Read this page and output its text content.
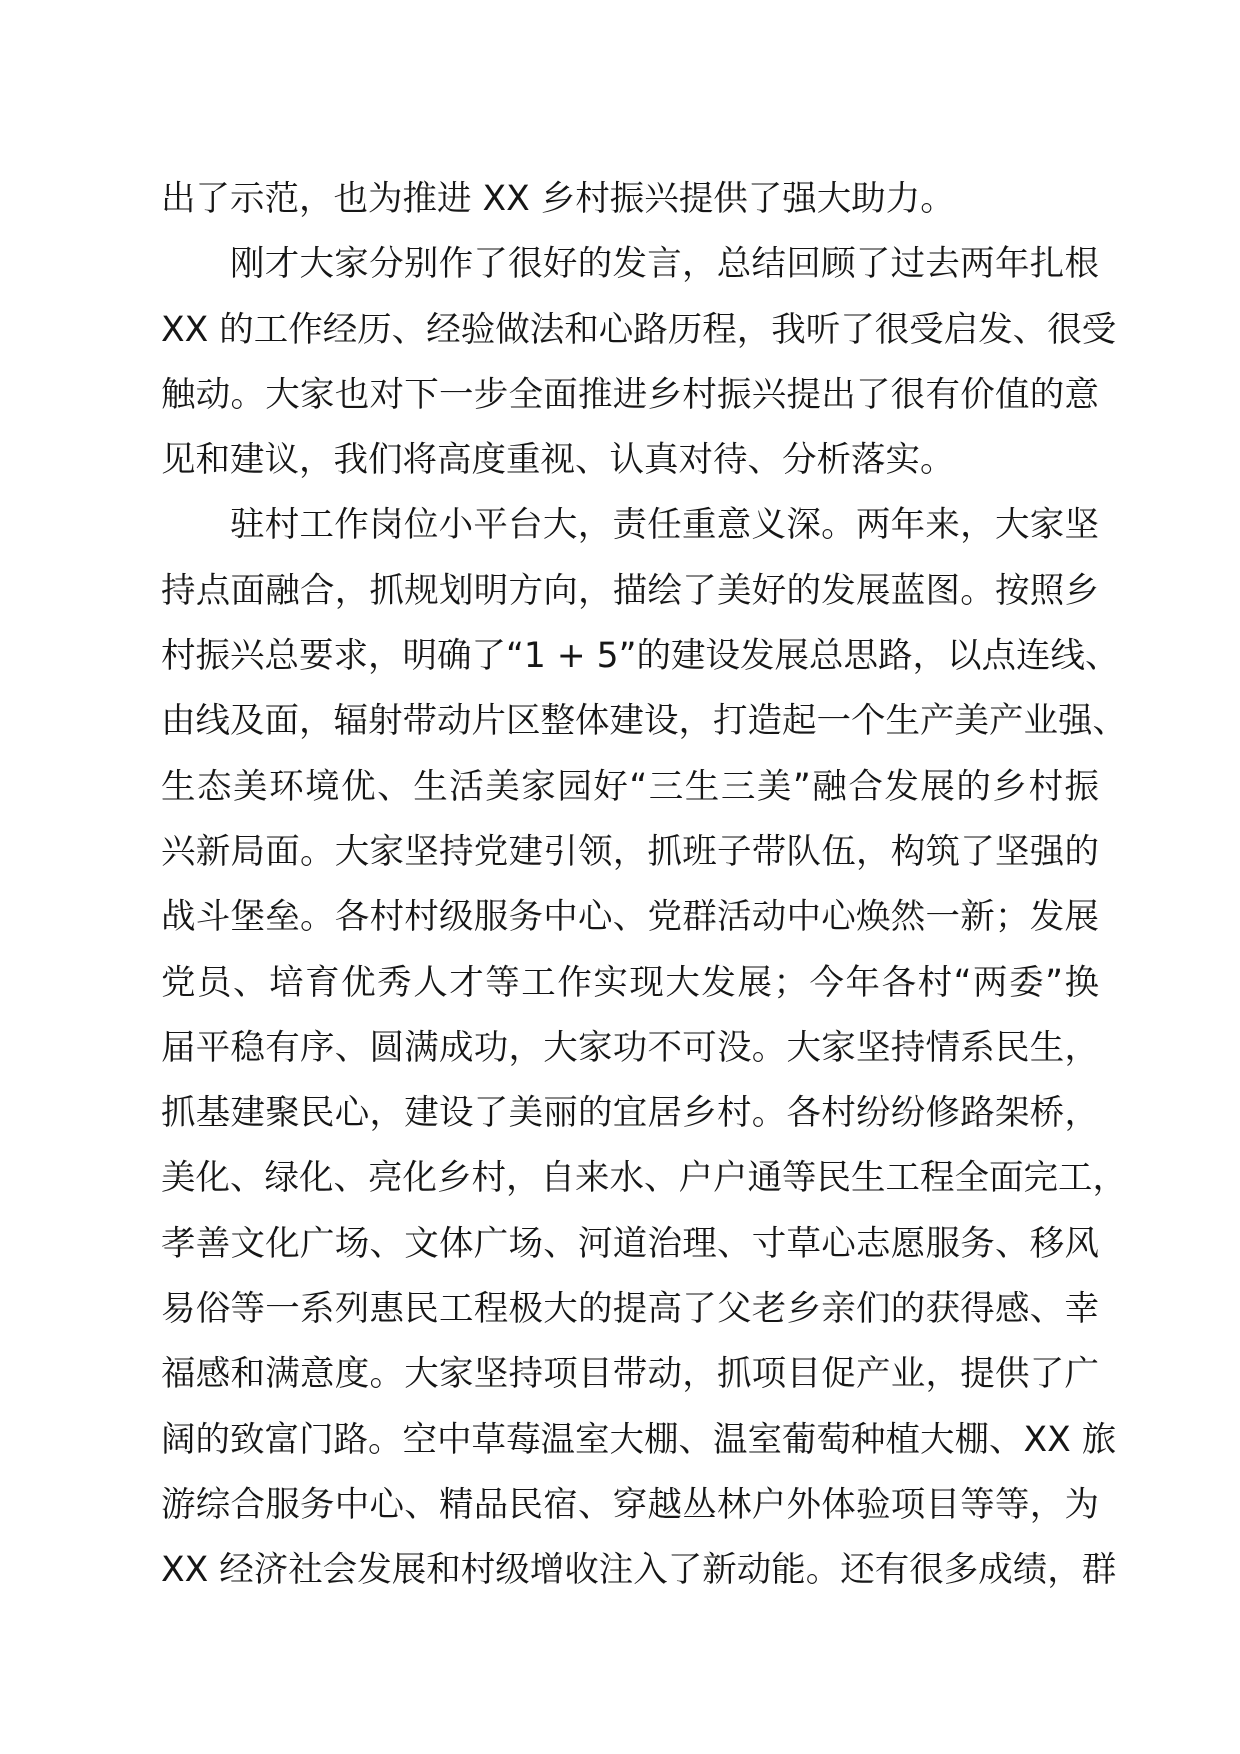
出了示范，也为推进 XX 乡村振兴提供了强大助力。
刚才大家分别作了很好的发言，总结回顾了过去两年扎根
XX 的工作经历、经验做法和心路历程，我听了很受启发、很受
触动。大家也对下一步全面推进乡村振兴提出了很有价值的意
见和建议，我们将高度重视、认真对待、分析落实。
驻村工作岗位小平台大，责任重意义深。两年来，大家坚
持点面融合，抓规划明方向，描绘了美好的发展蓝图。按照乡
村振兴总要求，明确了“1 + 5”的建设发展总思路，以点连线、
由线及面，辐射带动片区整体建设，打造起一个生产美产业强、
生态美环境优、生活美家园好“三生三美”融合发展的乡村振
兴新局面。大家坚持党建引领，抓班子带队伍，构筑了坚强的
战斗堡垒。各村村级服务中心、党群活动中心焕然一新；发展
党员、培育优秀人才等工作实现大发展；今年各村“两委”换
届平稳有序、圆满成功，大家功不可没。大家坚持情系民生，
抓基建聚民心，建设了美丽的宜居乡村。各村纷纷修路架桥，
美化、绿化、亮化乡村，自来水、户户通等民生工程全面完工，
孝善文化广场、文体广场、河道治理、寸草心志愿服务、移风
易俗等一系列惠民工程极大的提高了父老乡亲们的获得感、幸
福感和满意度。大家坚持项目带动，抓项目促产业，提供了广
阔的致富门路。空中草莓温室大棚、温室葡萄种植大棚、XX 旅
游综合服务中心、精品民宿、穿越丛林户外体验项目等等，为
XX 经济社会发展和村级增收注入了新动能。还有很多成绩，群
